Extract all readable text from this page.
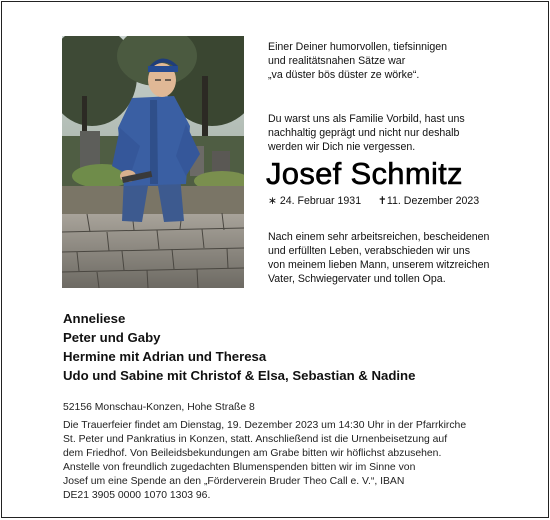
Einer Deiner humorvollen, tiefsinnigen
und realitätsnahen Sätze war
„va düster bös düster ze wörke“.
Du warst uns als Familie Vorbild, hast uns
nachhaltig geprägt und nicht nur deshalb
werden wir Dich nie vergessen.
Josef Schmitz
∗ 24. Februar 1931 ✝11. Dezember 2023
Nach einem sehr arbeitsreichen, bescheidenen
und erfüllten Leben, verabschieden wir uns
von meinem lieben Mann, unserem witzreichen
Vater, Schwiegervater und tollen Opa.
Anneliese
Peter und Gaby
Hermine mit Adrian und Theresa
Udo und Sabine mit Christof & Elsa, Sebastian & Nadine
52156 Monschau-Konzen, Hohe Straße 8
Die Trauerfeier findet am Dienstag, 19. Dezember 2023 um 14:30 Uhr in der Pfarrkirche
St. Peter und Pankratius in Konzen, statt. Anschließend ist die Urnenbeisetzung auf
dem Friedhof. Von Beileidsbekundungen am Grabe bitten wir höflichst abzusehen.
Anstelle von freundlich zugedachten Blumenspenden bitten wir im Sinne von
Josef um eine Spende an den „Förderverein Bruder Theo Call e. V.“, IBAN
DE21 3905 0000 1070 1303 96.
